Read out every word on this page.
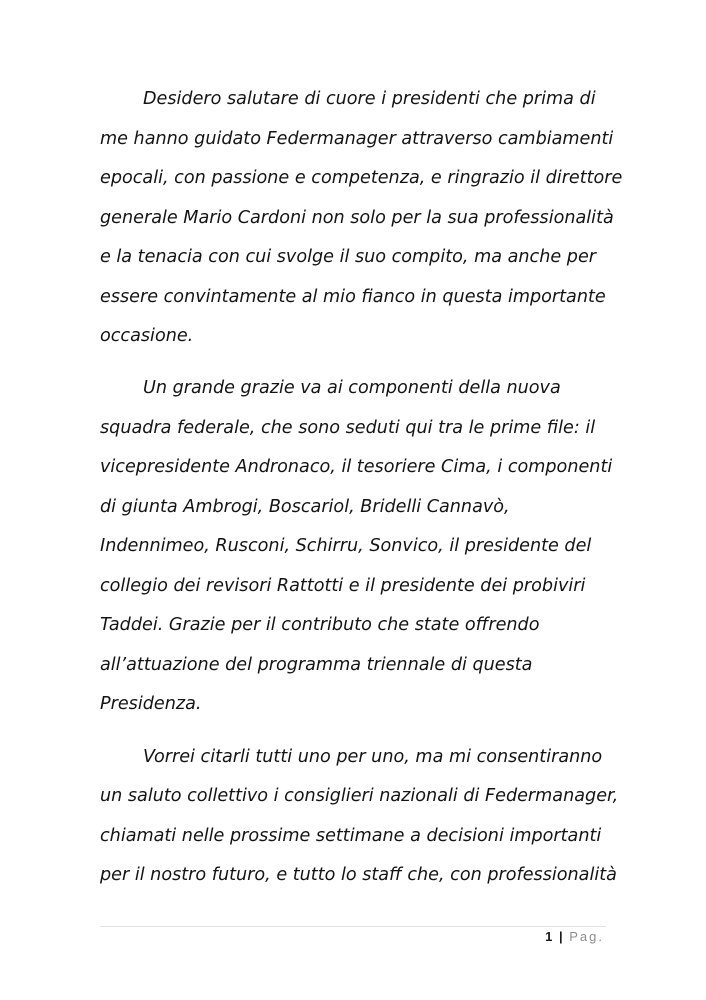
Desidero salutare di cuore i presidenti che prima di
me hanno guidato Federmanager attraverso cambiamenti
epocali, con passione e competenza, e ringrazio il direttore
generale Mario Cardoni non solo per la sua professionalità
e la tenacia con cui svolge il suo compito, ma anche per
essere convintamente al mio fianco in questa importante
occasione.

Un grande grazie va ai componenti della nuova
squadra federale, che sono seduti qui tra le prime file: il
vicepresidente Andronaco, il tesoriere Cima, i componenti
di giunta Ambrogi, Boscariol, Bridelli Cannavò,
Indennimeo, Rusconi, Schirru, Sonvico, il presidente del
collegio dei revisori Rattotti e il presidente dei probiviri
Taddei. Grazie per il contributo che state offrendo
all’attuazione del programma triennale di questa
Presidenza.

Vorrei citarli tutti uno per uno, ma mi consentiranno
un saluto collettivo i consiglieri nazionali di Federmanager,
chiamati nelle prossime settimane a decisioni importanti
per il nostro futuro, e tutto lo staff che, con professionalità

1 | Pag.
